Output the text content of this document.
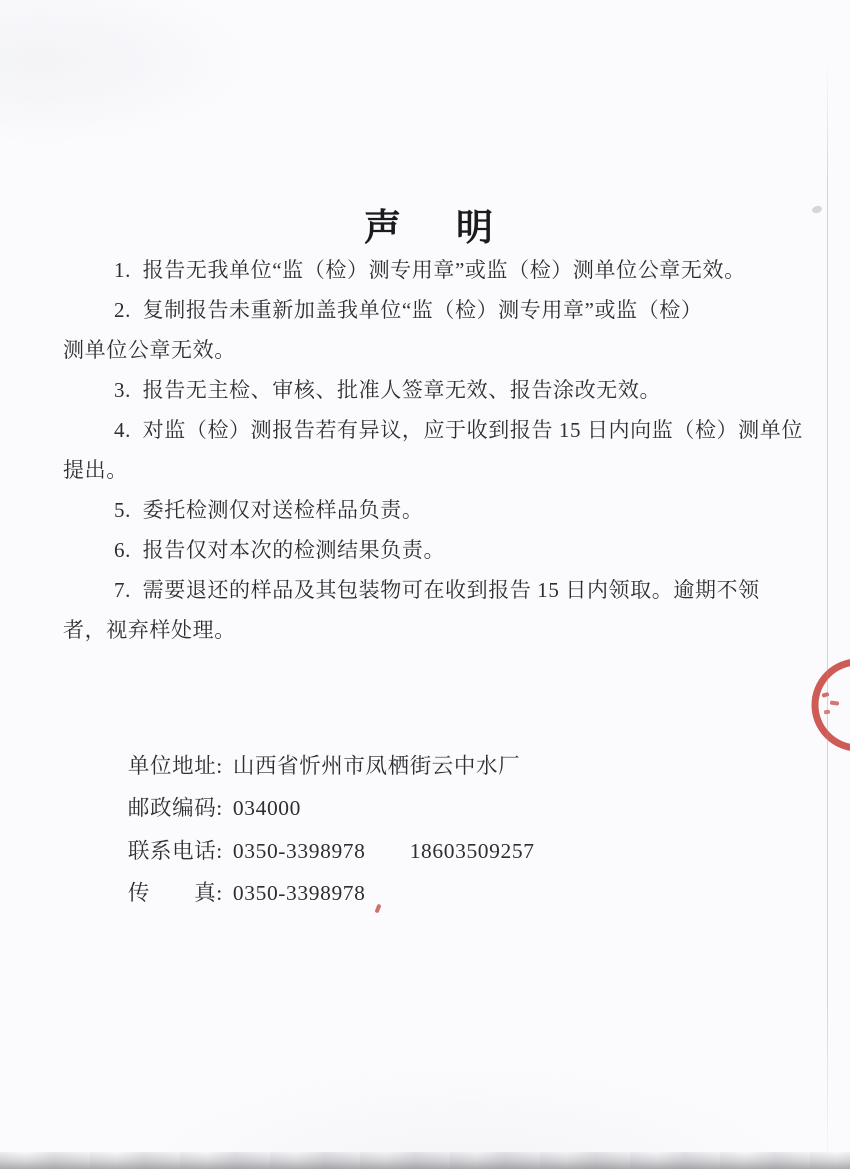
声　明
1.  报告无我单位“监（检）测专用章”或监（检）测单位公章无效。
2.  复制报告未重新加盖我单位“监（检）测专用章”或监（检）
测单位公章无效。
3.  报告无主检、审核、批准人签章无效、报告涂改无效。
4.  对监（检）测报告若有异议，应于收到报告 15 日内向监（检）测单位
提出。
5.  委托检测仅对送检样品负责。
6.  报告仅对本次的检测结果负责。
7.  需要退还的样品及其包装物可在收到报告 15 日内领取。逾期不领
者，视弃样处理。

单位地址: 山西省忻州市凤栖街云中水厂

邮政编码: 034000

联系电话: 0350-3398978　　18603509257

传　　真: 0350-3398978
